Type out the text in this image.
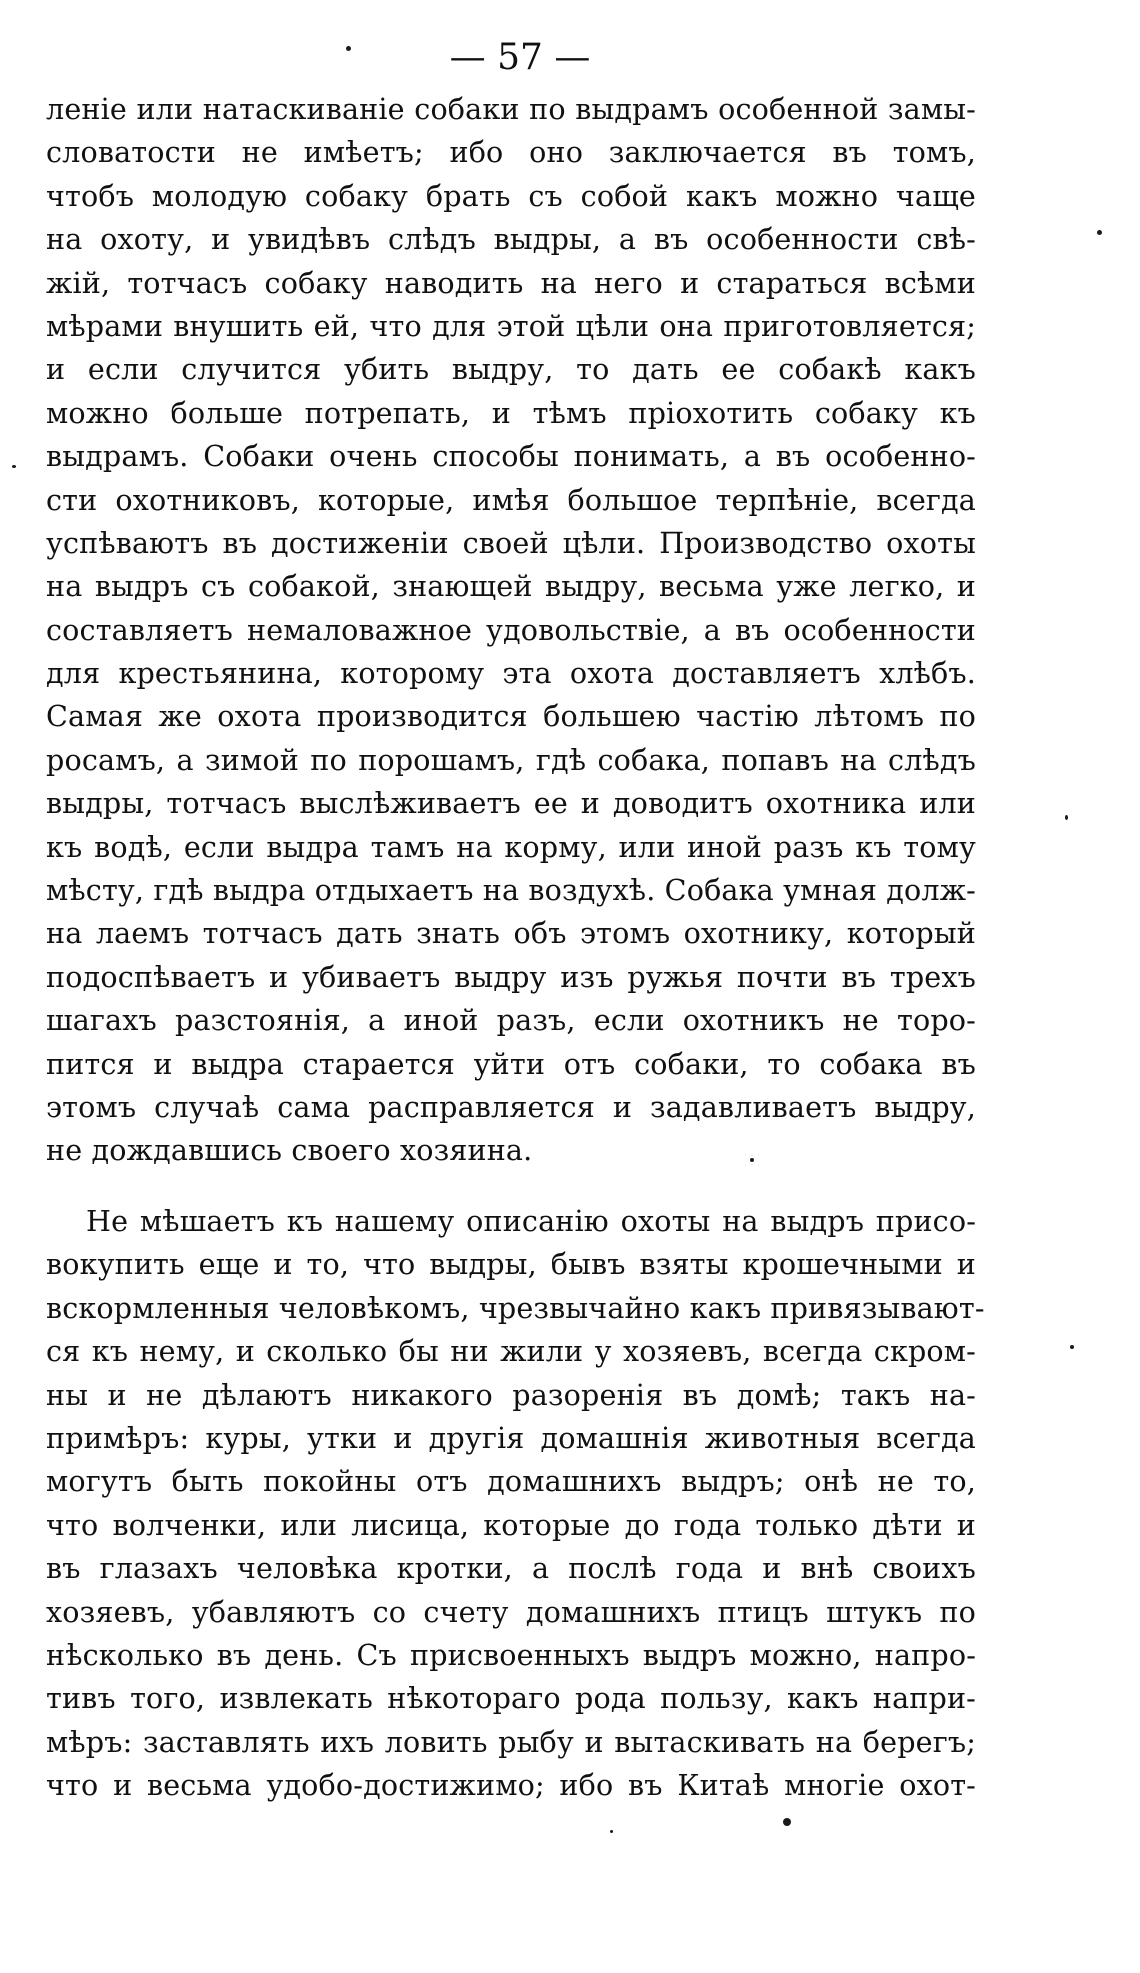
— 57 —
ленiе или натаскиванiе собаки по выдрамъ особенной замы-
словатости не имѣетъ; ибо оно заключается въ томъ,
чтобъ молодую собаку брать съ собой какъ можно чаще
на охоту, и увидѣвъ слѣдъ выдры, а въ особенности свѣ-
жiй, тотчасъ собаку наводить на него и стараться всѣми
мѣрами внушить ей, что для этой цѣли она приготовляется;
и если случится убить выдру, то дать ее собакѣ какъ
можно больше потрепать, и тѣмъ прiохотить собаку къ
выдрамъ. Собаки очень способы понимать, а въ особенно-
сти охотниковъ, которые, имѣя большое терпѣнiе, всегда
успѣваютъ въ достиженiи своей цѣли. Производство охоты
на выдръ съ собакой, знающей выдру, весьма уже легко, и
составляетъ немаловажное удовольствiе, а въ особенности
для крестьянина, которому эта охота доставляетъ хлѣбъ.
Самая же охота производится большею частiю лѣтомъ по
росамъ, а зимой по порошамъ, гдѣ собака, попавъ на слѣдъ
выдры, тотчасъ выслѣживаетъ ее и доводитъ охотника или
къ водѣ, если выдра тамъ на корму, или иной разъ къ тому
мѣсту, гдѣ выдра отдыхаетъ на воздухѣ. Собака умная долж-
на лаемъ тотчасъ дать знать объ этомъ охотнику, который
подоспѣваетъ и убиваетъ выдру изъ ружья почти въ трехъ
шагахъ разстоянiя, а иной разъ, если охотникъ не торо-
пится и выдра старается уйти отъ собаки, то собака въ
этомъ случаѣ сама расправляется и задавливаетъ выдру,
не дождавшись своего хозяина.
Не мѣшаетъ къ нашему описанiю охоты на выдръ присо-
вокупить еще и то, что выдры, бывъ взяты крошечными и
вскормленныя человѣкомъ, чрезвычайно какъ привязывают-
ся къ нему, и сколько бы ни жили у хозяевъ, всегда скром-
ны и не дѣлаютъ никакого разоренiя въ домѣ; такъ на-
примѣръ: куры, утки и другiя домашнiя животныя всегда
могутъ быть покойны отъ домашнихъ выдръ; онѣ не то,
что волченки, или лисица, которые до года только дѣти и
въ глазахъ человѣка кротки, а послѣ года и внѣ своихъ
хозяевъ, убавляютъ со счету домашнихъ птицъ штукъ по
нѣсколько въ день. Съ присвоенныхъ выдръ можно, напро-
тивъ того, извлекать нѣкотораго рода пользу, какъ напри-
мѣръ: заставлять ихъ ловить рыбу и вытаскивать на берегъ;
что и весьма удобо-достижимо; ибо въ Китаѣ многiе охот-
